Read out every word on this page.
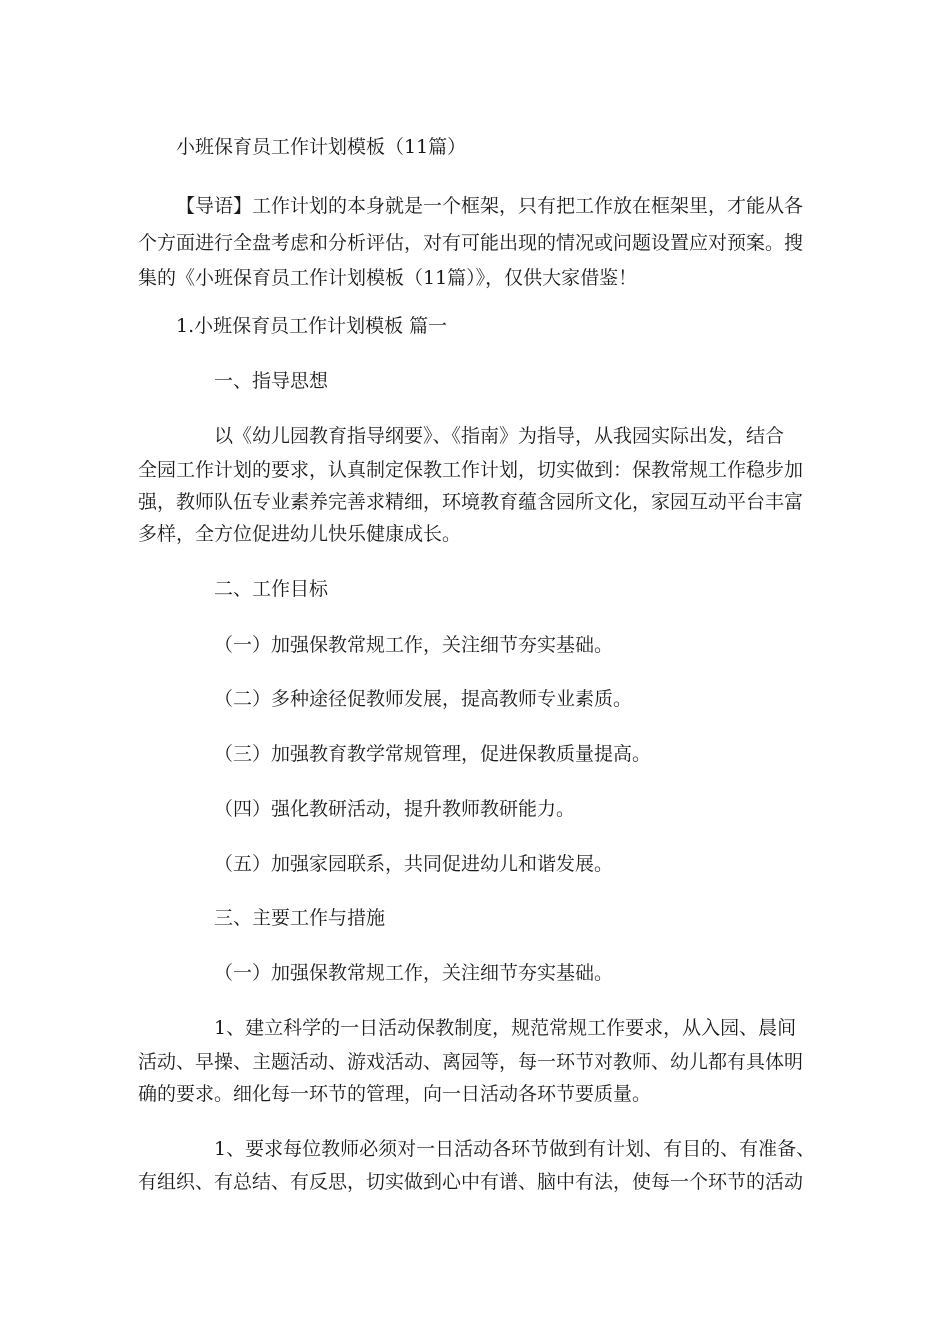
小班保育员工作计划模板（11篇）

【导语】工作计划的本身就是一个框架，只有把工作放在框架里，才能从各

个方面进行全盘考虑和分析评估，对有可能出现的情况或问题设置应对预案。搜

集的《小班保育员工作计划模板（11篇）》，仅供大家借鉴！

1.小班保育员工作计划模板 篇一

一、指导思想

以《幼儿园教育指导纲要》、《指南》为指导，从我园实际出发，结合

全园工作计划的要求，认真制定保教工作计划，切实做到：保教常规工作稳步加

强，教师队伍专业素养完善求精细，环境教育蕴含园所文化，家园互动平台丰富

多样，全方位促进幼儿快乐健康成长。

二、工作目标

（一）加强保教常规工作，关注细节夯实基础。

（二）多种途径促教师发展，提高教师专业素质。

（三）加强教育教学常规管理，促进保教质量提高。

（四）强化教研活动，提升教师教研能力。

（五）加强家园联系，共同促进幼儿和谐发展。

三、主要工作与措施

（一）加强保教常规工作，关注细节夯实基础。

1、建立科学的一日活动保教制度，规范常规工作要求，从入园、晨间

活动、早操、主题活动、游戏活动、离园等，每一环节对教师、幼儿都有具体明

确的要求。细化每一环节的管理，向一日活动各环节要质量。

1、要求每位教师必须对一日活动各环节做到有计划、有目的、有准备、

有组织、有总结、有反思，切实做到心中有谱、脑中有法，使每一个环节的活动
